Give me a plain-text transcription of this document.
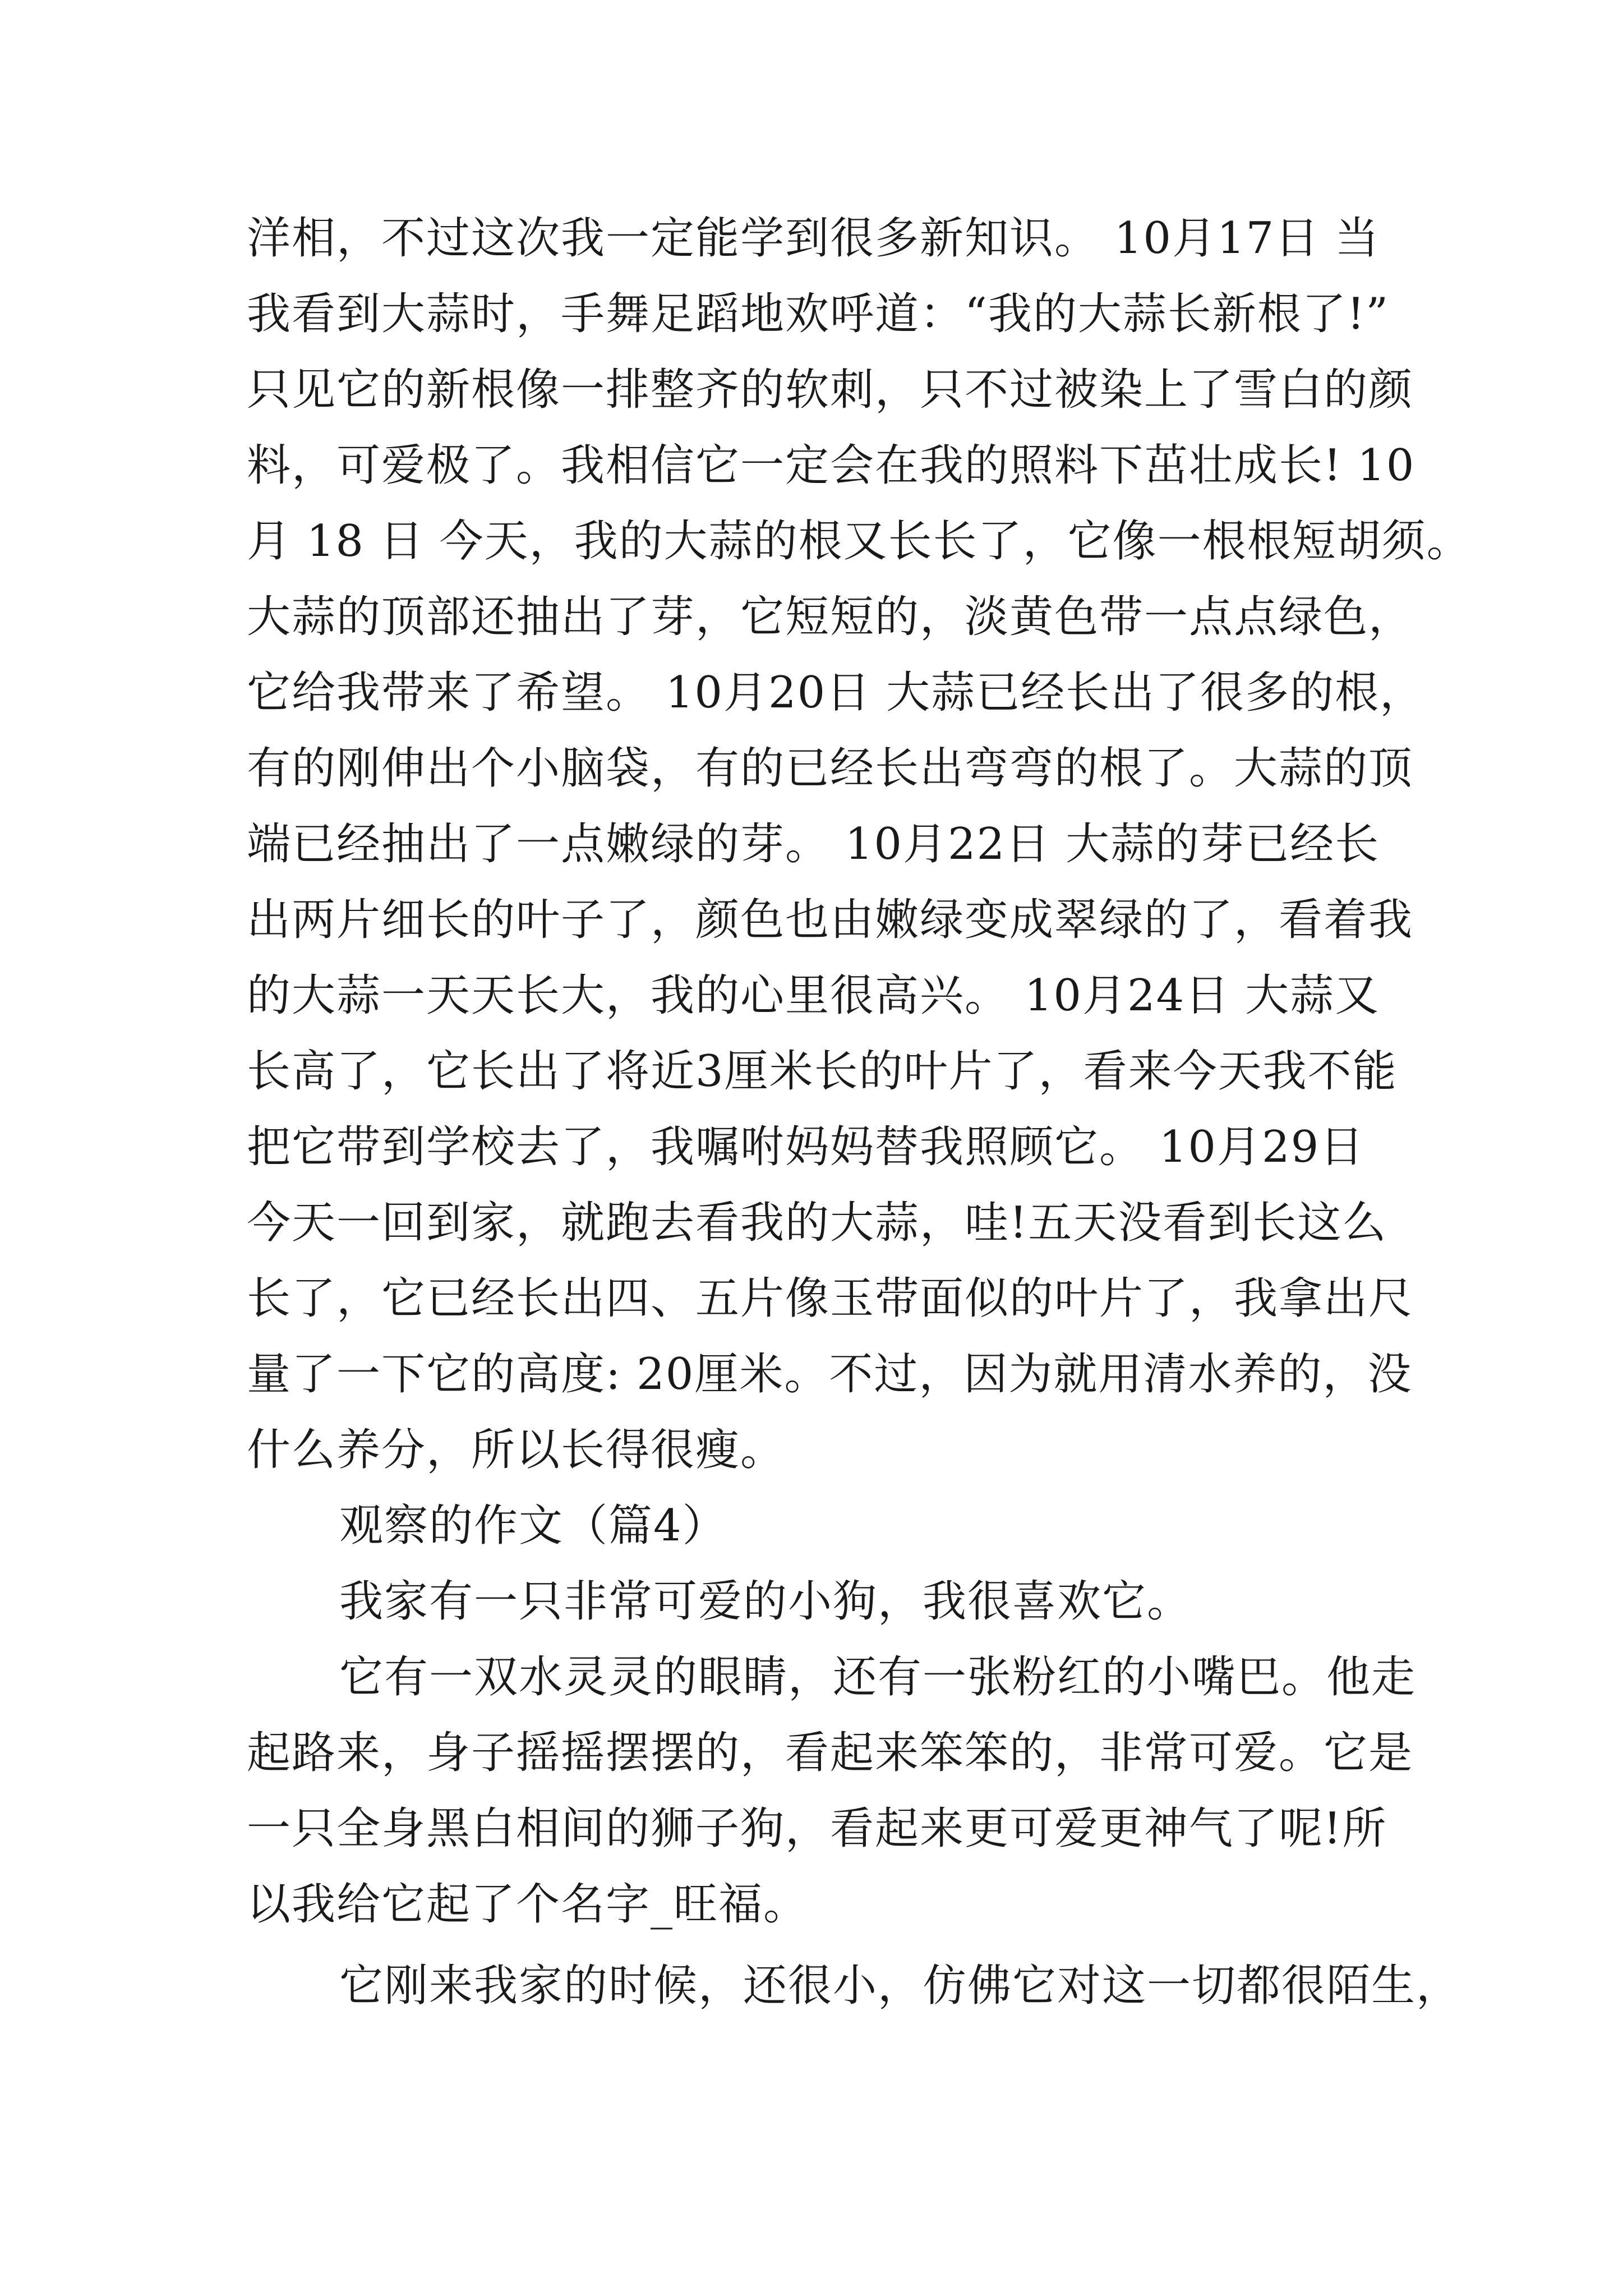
洋相，不过这次我一定能学到很多新知识。 10月17日 当
我看到大蒜时，手舞足蹈地欢呼道：“我的大蒜长新根了!”
只见它的新根像一排整齐的软刺，只不过被染上了雪白的颜
料，可爱极了。我相信它一定会在我的照料下茁壮成长! 10
月 18 日 今天，我的大蒜的根又长长了，它像一根根短胡须。
大蒜的顶部还抽出了芽，它短短的，淡黄色带一点点绿色，
它给我带来了希望。 10月20日 大蒜已经长出了很多的根，
有的刚伸出个小脑袋，有的已经长出弯弯的根了。大蒜的顶
端已经抽出了一点嫩绿的芽。 10月22日 大蒜的芽已经长
出两片细长的叶子了，颜色也由嫩绿变成翠绿的了，看着我
的大蒜一天天长大，我的心里很高兴。 10月24日 大蒜又
长高了，它长出了将近3厘米长的叶片了，看来今天我不能
把它带到学校去了，我嘱咐妈妈替我照顾它。 10月29日
今天一回到家，就跑去看我的大蒜，哇!五天没看到长这么
长了，它已经长出四、五片像玉带面似的叶片了，我拿出尺
量了一下它的高度: 20厘米。不过，因为就用清水养的，没
什么养分，所以长得很瘦。
观察的作文（篇4）
我家有一只非常可爱的小狗，我很喜欢它。
它有一双水灵灵的眼睛，还有一张粉红的小嘴巴。他走
起路来，身子摇摇摆摆的，看起来笨笨的，非常可爱。它是
一只全身黑白相间的狮子狗，看起来更可爱更神气了呢!所
以我给它起了个名字_旺福。
它刚来我家的时候，还很小，仿佛它对这一切都很陌生，
